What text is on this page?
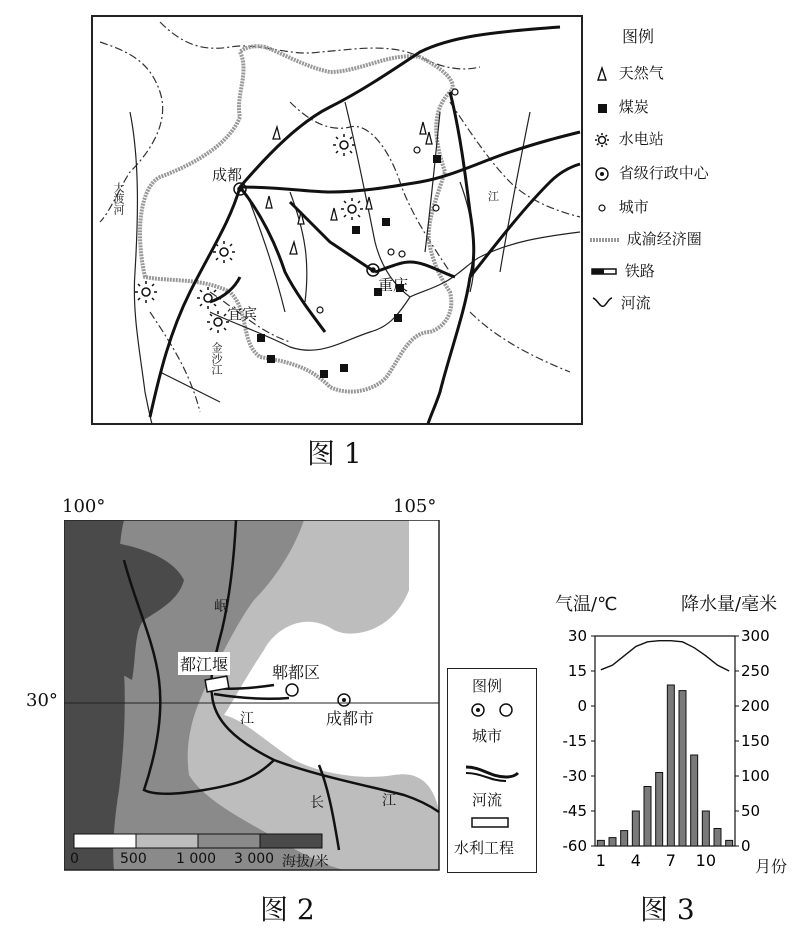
成都
重庆
宜宾
大渡河
金沙江
江
图例
天然气
煤炭
水电站
省级行政中心
城市
成渝经济圈
铁路
河流
图 1
100°	105°
30°
都江堰	郫都区
成都市
岷
江
长	江
0	500 1 000 3 000 海拔/米
图例
城市
河流
水利工程
图 2
气温/℃	降水量/毫米
30
15
0
-15
-30
-45
-60
300
250
200
150
100
50
0
1 4 7 10 月份
图 3
